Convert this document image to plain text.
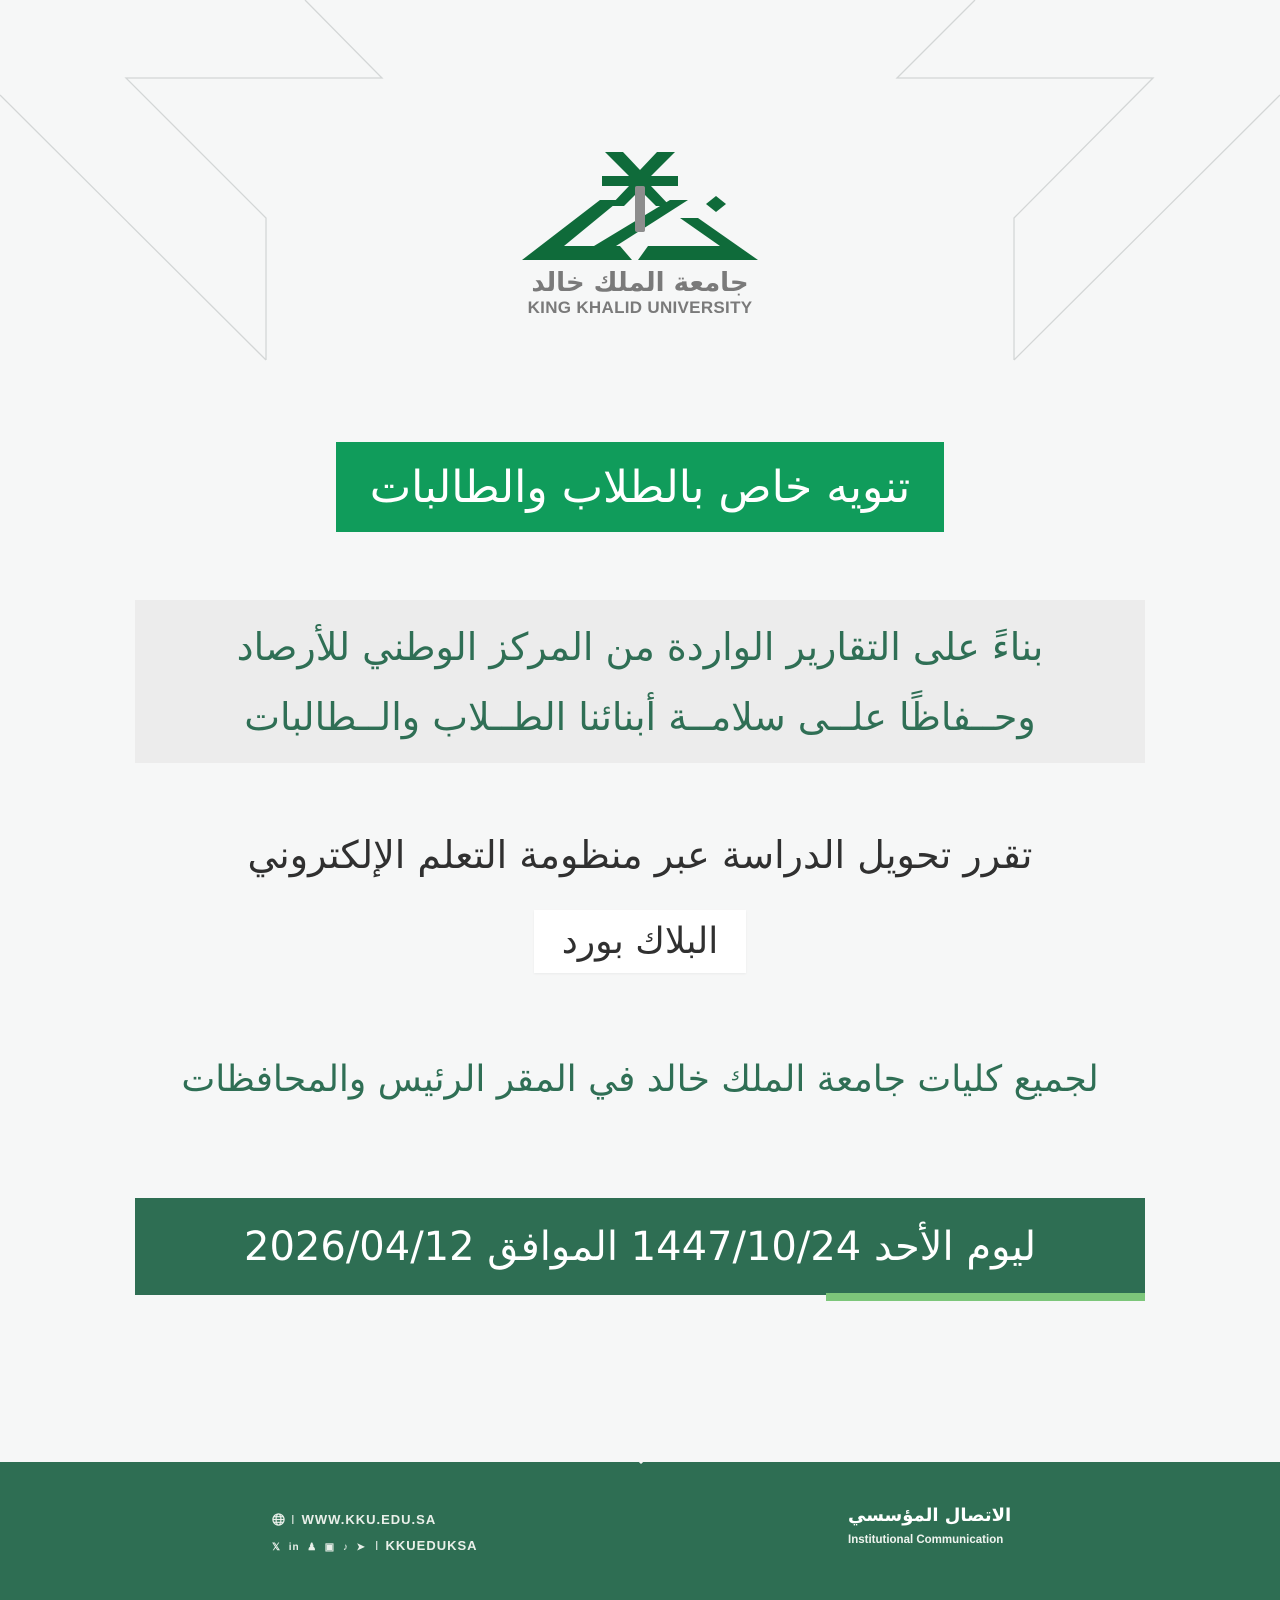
جامعة الملك خالد
KING KHALID UNIVERSITY
تنويه خاص بالطلاب والطالبات
بناءً على التقارير الواردة من المركز الوطني للأرصاد
وحــفاظًا علــى سلامــة أبنائنا الطــلاب والــطالبات
تقرر تحويل الدراسة عبر منظومة التعلم الإلكتروني
البلاك بورد
لجميع كليات جامعة الملك خالد في المقر الرئيس والمحافظات
ليوم الأحد 1447/10/24 الموافق 2026/04/12
I WWW.KKU.EDU.SA
𝕏 in ♟ ▣ ♪ ➤ I KKUEDUKSA
الاتصال المؤسسي
Institutional Communication
